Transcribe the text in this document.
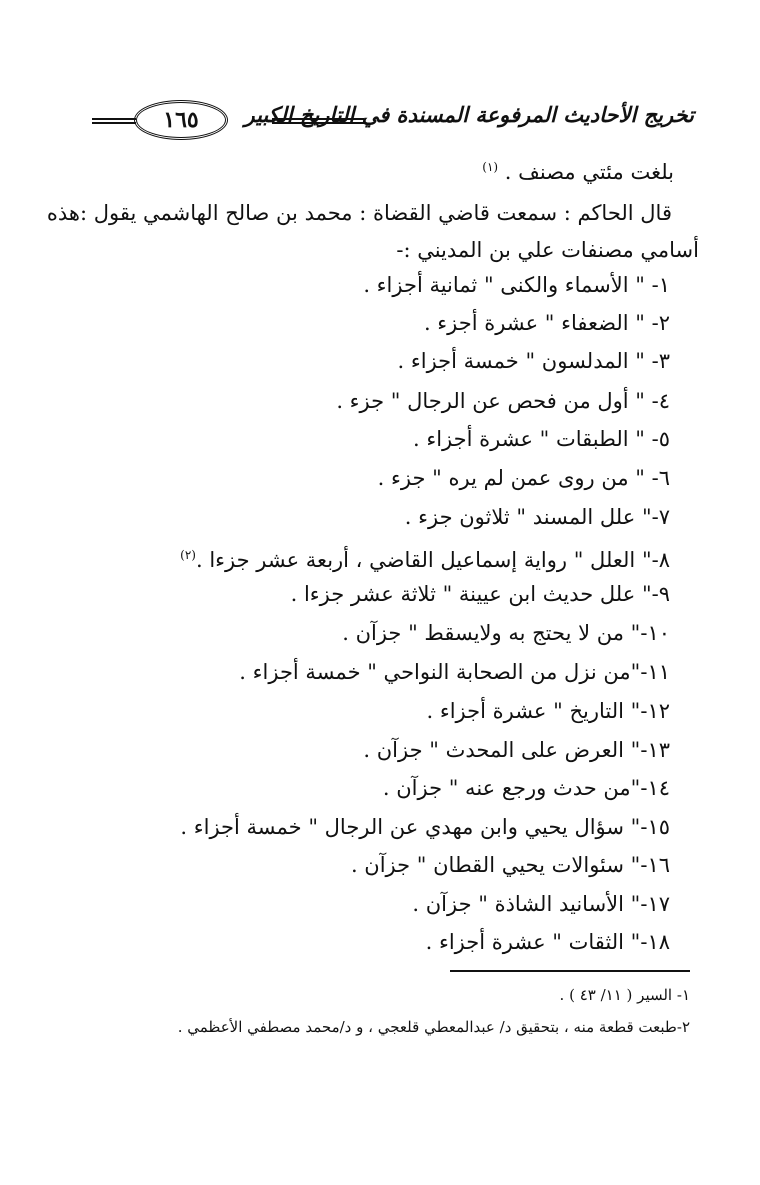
تخريج الأحاديث المرفوعة المسندة في التاريخ الكبير
١٦٥
بلغت مئتي مصنف . $^{(١)}$
قال الحاكم : سمعت قاضي القضاة : محمد بن صالح الهاشمي يقول :هذه
أسامي مصنفات علي بن المديني :-
١- " الأسماء والكنى " ثمانية أجزاء .
٢- " الضعفاء " عشرة أجزء .
٣- " المدلسون " خمسة أجزاء .
٤- " أول من فحص عن الرجال " جزء .
٥- " الطبقات " عشرة أجزاء .
٦- " من روى عمن لم يره " جزء .
٧-" علل المسند " ثلاثون جزء .
٨-" العلل " رواية إسماعيل القاضي ، أربعة عشر جزءا .$^{(٢)}$
٩-" علل حديث ابن عيينة " ثلاثة عشر جزءا .
١٠-" من لا يحتج به ولايسقط " جزآن .
١١-"من نزل من الصحابة النواحي " خمسة أجزاء .
١٢-" التاريخ " عشرة أجزاء .
١٣-" العرض على المحدث " جزآن .
١٤-"من حدث ورجع عنه " جزآن .
١٥-" سؤال يحيي وابن مهدي عن الرجال " خمسة أجزاء .
١٦-" سئوالات يحيي القطان " جزآن .
١٧-" الأسانيد الشاذة " جزآن .
١٨-" الثقات " عشرة أجزاء .
١- السير ( ١١/ ٤٣ ) .
٢-طبعت قطعة منه ، بتحقيق د/ عبدالمعطي قلعجي ، و د/محمد مصطفي الأعظمي .
